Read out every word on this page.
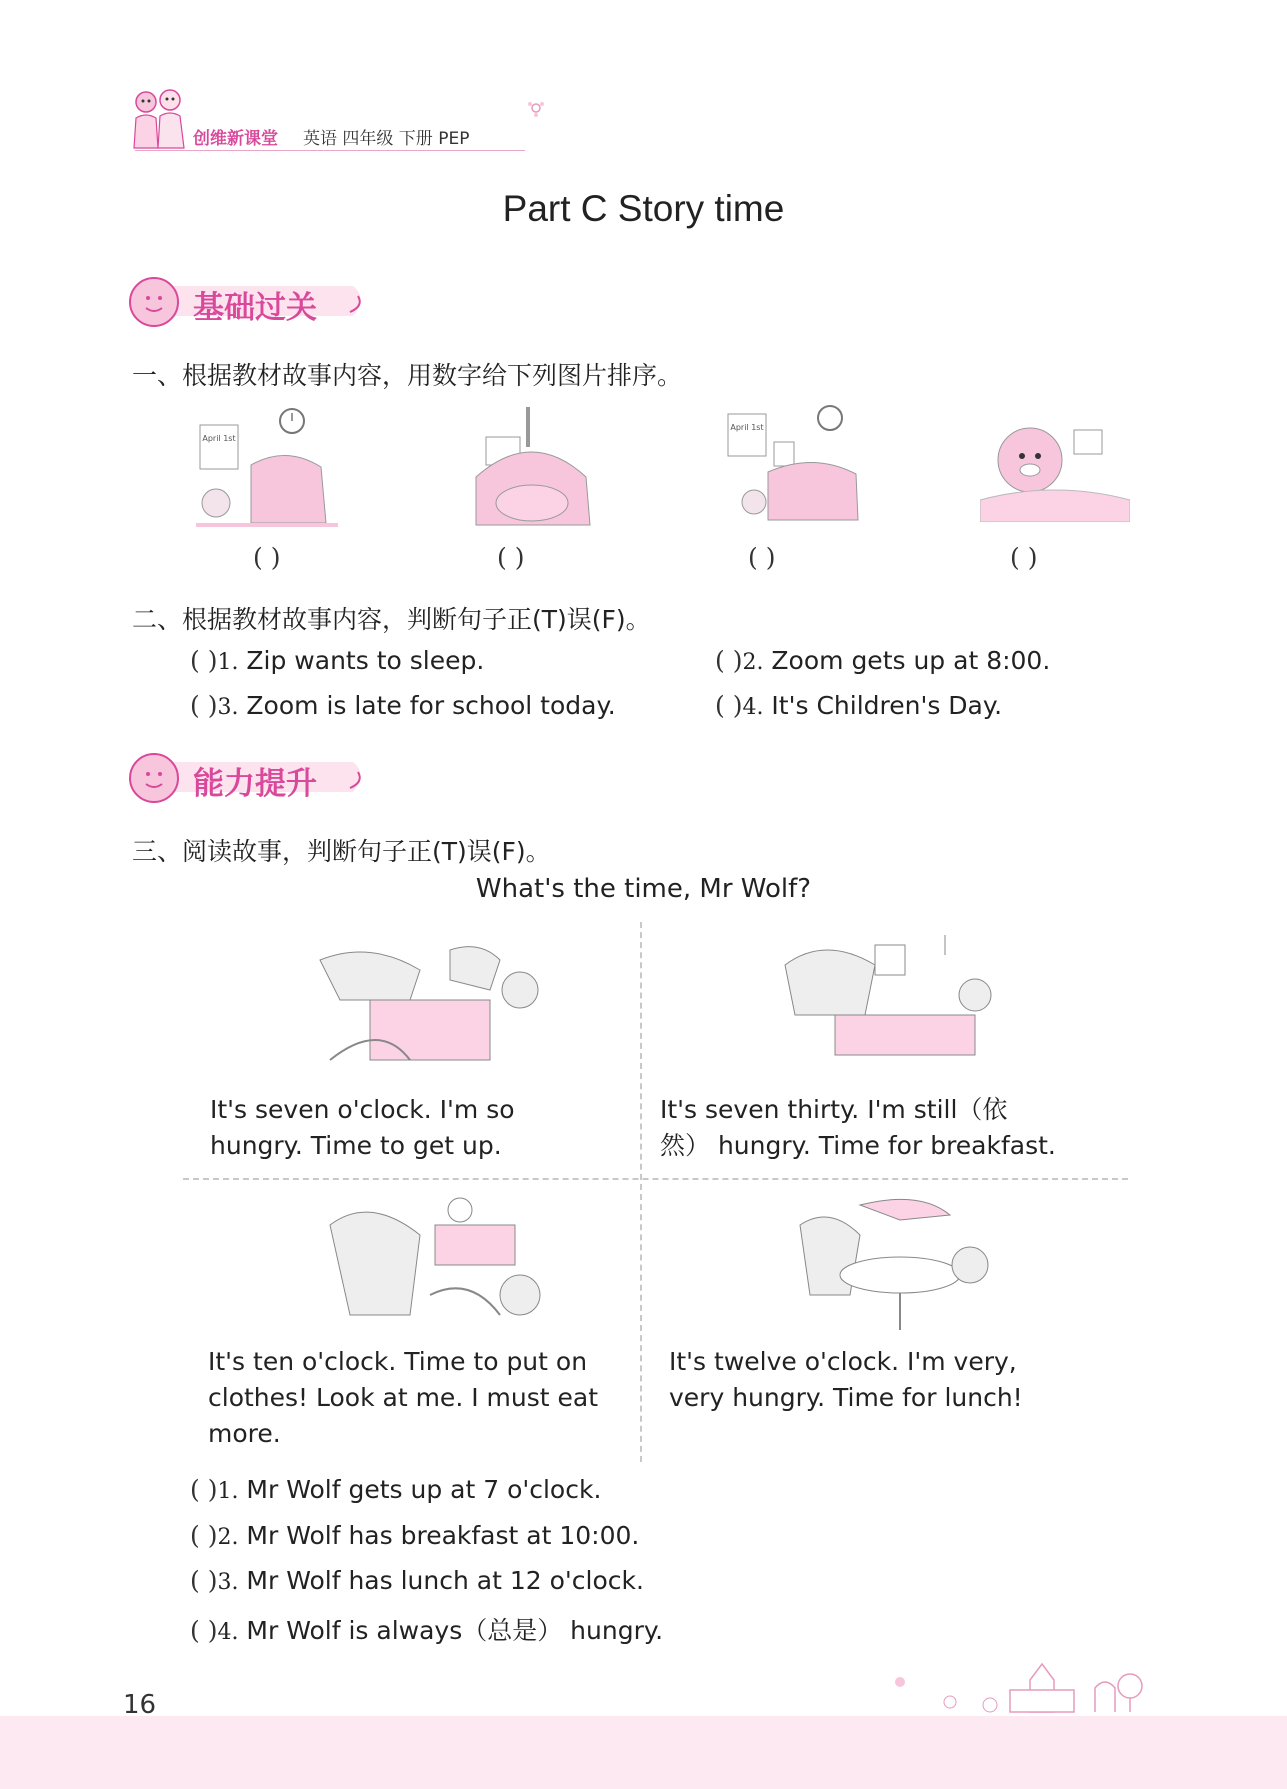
创维新课堂 英语 四年级 下册 PEP
Part C Story time
基础过关
一、根据教材故事内容，用数字给下列图片排序。
April 1st
( )	( )
April 1st
( )	( )
二、根据教材故事内容，判断句子正(T)误(F)。
( )1. Zip wants to sleep.	( )2. Zoom gets up at 8:00.
( )3. Zoom is late for school today.	( )4. It's Children's Day.
能力提升
三、阅读故事，判断句子正(T)误(F)。
What's the time, Mr Wolf?
It's seven o'clock. I'm so
hungry. Time to get up.
It's seven thirty. I'm still（依
然） hungry. Time for breakfast.
It's ten o'clock. Time to put on
clothes! Look at me. I must eat
more.
It's twelve o'clock. I'm very,
very hungry. Time for lunch!
( )1. Mr Wolf gets up at 7 o'clock.
( )2. Mr Wolf has breakfast at 10:00.
( )3. Mr Wolf has lunch at 12 o'clock.
( )4. Mr Wolf is always（总是） hungry.
16
